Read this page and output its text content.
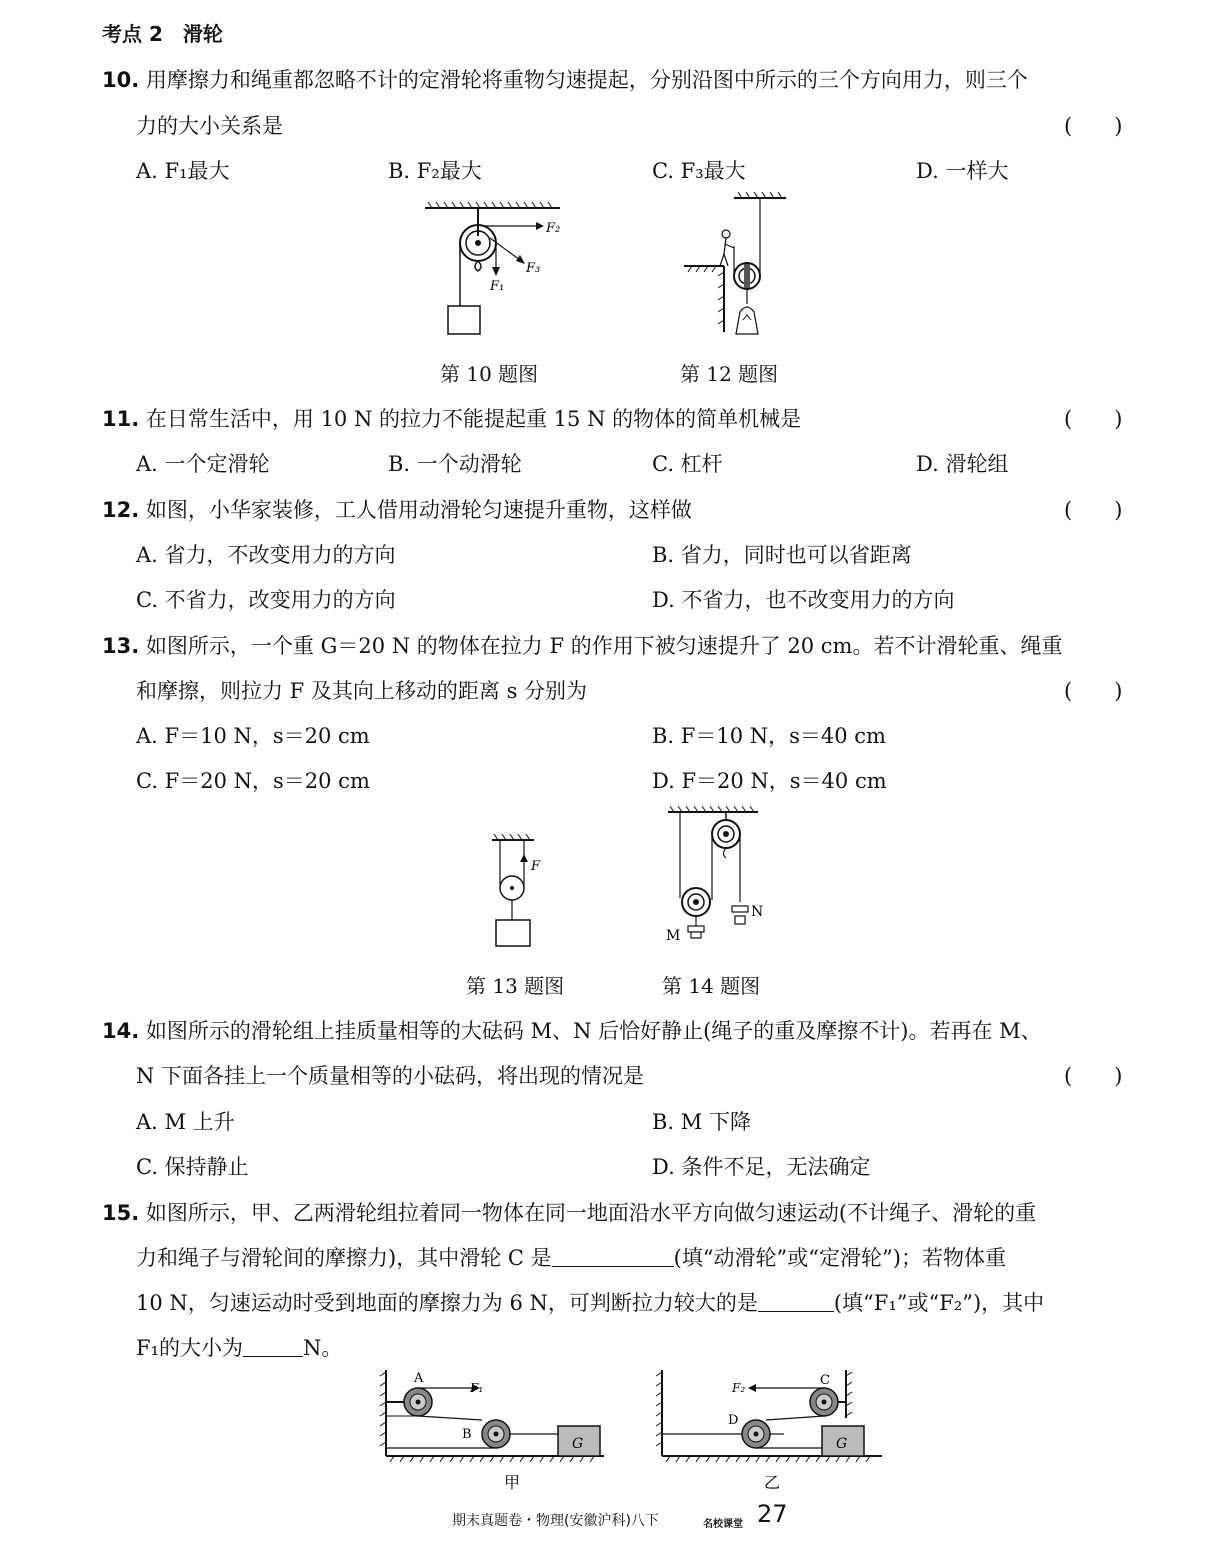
考点 2　滑轮
10. 用摩擦力和绳重都忽略不计的定滑轮将重物匀速提起，分别沿图中所示的三个方向用力，则三个
力的大小关系是	(　　)
A. F₁最大	B. F₂最大	C. F₃最大	D. 一样大
F₂
F₃
F₁
第 10 题图	第 12 题图
11. 在日常生活中，用 10 N 的拉力不能提起重 15 N 的物体的简单机械是	(　　)
A. 一个定滑轮	B. 一个动滑轮	C. 杠杆	D. 滑轮组
12. 如图，小华家装修，工人借用动滑轮匀速提升重物，这样做	(　　)
A. 省力，不改变用力的方向	B. 省力，同时也可以省距离
C. 不省力，改变用力的方向	D. 不省力，也不改变用力的方向
13. 如图所示，一个重 G＝20 N 的物体在拉力 F 的作用下被匀速提升了 20 cm。若不计滑轮重、绳重
和摩擦，则拉力 F 及其向上移动的距离 s 分别为	(　　)
A. F＝10 N，s＝20 cm	B. F＝10 N，s＝40 cm
C. F＝20 N，s＝20 cm	D. F＝20 N，s＝40 cm
F
M
N
第 13 题图	第 14 题图
14. 如图所示的滑轮组上挂质量相等的大砝码 M、N 后恰好静止(绳子的重及摩擦不计)。若再在 M、
N 下面各挂上一个质量相等的小砝码，将出现的情况是	(　　)
A. M 上升	B. M 下降
C. 保持静止	D. 条件不足，无法确定
15. 如图所示，甲、乙两滑轮组拉着同一物体在同一地面沿水平方向做匀速运动(不计绳子、滑轮的重
力和绳子与滑轮间的摩擦力)，其中滑轮 C 是	(填“动滑轮”或“定滑轮”)；若物体重
10 N，匀速运动时受到地面的摩擦力为 6 N，可判断拉力较大的是	(填“F₁”或“F₂”)，其中
F₁的大小为	N。
G
A
B
F₁
甲
G
C
D
F₂
乙
期末真题卷・物理(安徽沪科)八下	名校课堂 27
